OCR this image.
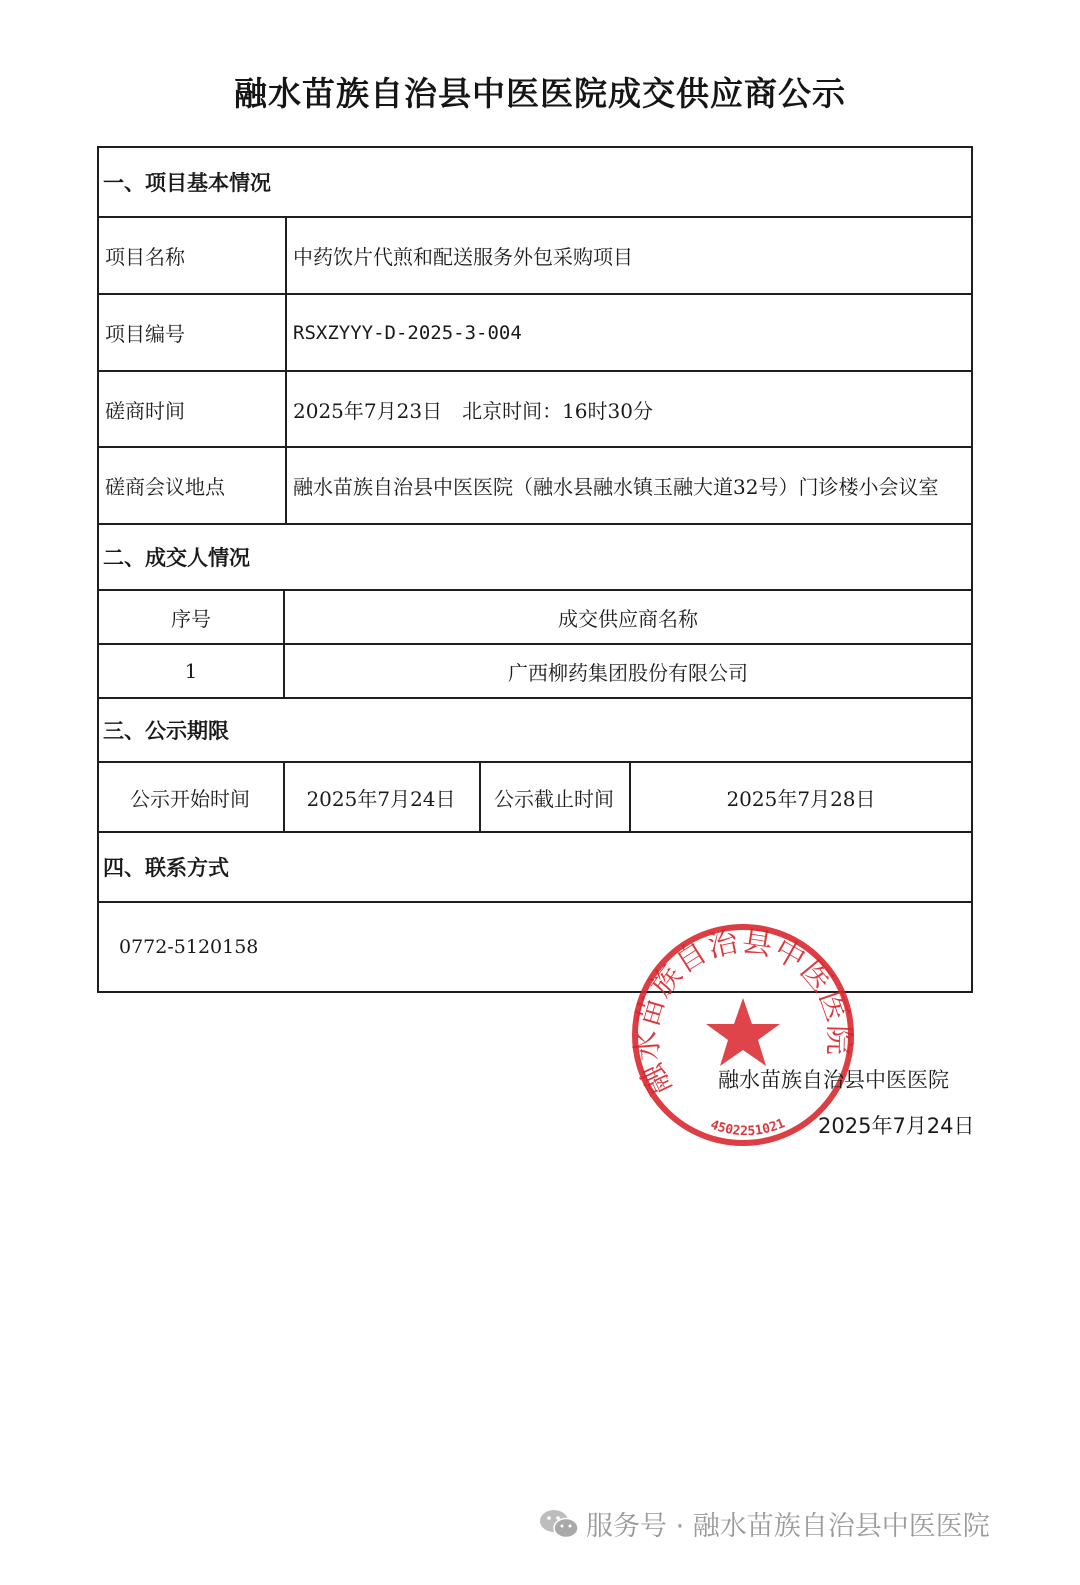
融水苗族自治县中医医院成交供应商公示
一、项目基本情况
项目名称	中药饮片代煎和配送服务外包采购项目
项目编号	RSXZYYY-D-2025-3-004
磋商时间	2025年7月23日　北京时间：16时30分
磋商会议地点	融水苗族自治县中医医院（融水县融水镇玉融大道32号）门诊楼小会议室
二、成交人情况
序号	成交供应商名称
1	广西柳药集团股份有限公司
三、公示期限
公示开始时间	2025年7月24日	公示截止时间	2025年7月28日
四、联系方式
0772-5120158
融水苗族自治县中医医院
4502251021
融水苗族自治县中医医院
2025年7月24日
服务号 · 融水苗族自治县中医医院
